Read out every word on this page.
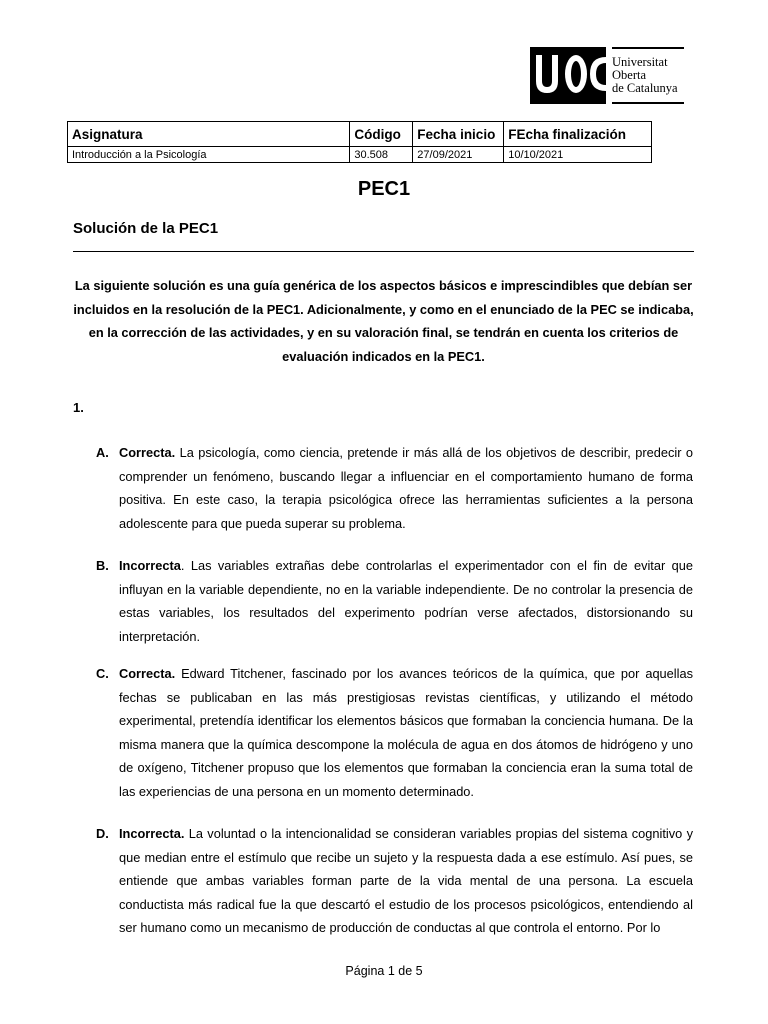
Universitat
Oberta
de Catalunya
Asignatura	Código	Fecha inicio	FEcha finalización
Introducción a la Psicología	30.508	27/09/2021	10/10/2021
PEC1
Solución de la PEC1
La siguiente solución es una guía genérica de los aspectos básicos e imprescindibles que debían ser incluidos en la resolución de la PEC1. Adicionalmente, y como en el enunciado de la PEC se indicaba, en la corrección de las actividades, y en su valoración final, se tendrán en cuenta los criterios de evaluación indicados en la PEC1.
1.
A. Correcta. La psicología, como ciencia, pretende ir más allá de los objetivos de describir, predecir o comprender un fenómeno, buscando llegar a influenciar en el comportamiento humano de forma positiva. En este caso, la terapia psicológica ofrece las herramientas suficientes a la persona adolescente para que pueda superar su problema.
B. Incorrecta. Las variables extrañas debe controlarlas el experimentador con el fin de evitar que influyan en la variable dependiente, no en la variable independiente. De no controlar la presencia de estas variables, los resultados del experimento podrían verse afectados, distorsionando su interpretación.
C. Correcta. Edward Titchener, fascinado por los avances teóricos de la química, que por aquellas fechas se publicaban en las más prestigiosas revistas científicas, y utilizando el método experimental, pretendía identificar los elementos básicos que formaban la conciencia humana. De la misma manera que la química descompone la molécula de agua en dos átomos de hidrógeno y uno de oxígeno, Titchener propuso que los elementos que formaban la conciencia eran la suma total de las experiencias de una persona en un momento determinado.
D. Incorrecta. La voluntad o la intencionalidad se consideran variables propias del sistema cognitivo y que median entre el estímulo que recibe un sujeto y la respuesta dada a ese estímulo. Así pues, se entiende que ambas variables forman parte de la vida mental de una persona. La escuela conductista más radical fue la que descartó el estudio de los procesos psicológicos, entendiendo al ser humano como un mecanismo de producción de conductas al que controla el entorno. Por lo
Página 1 de 5
